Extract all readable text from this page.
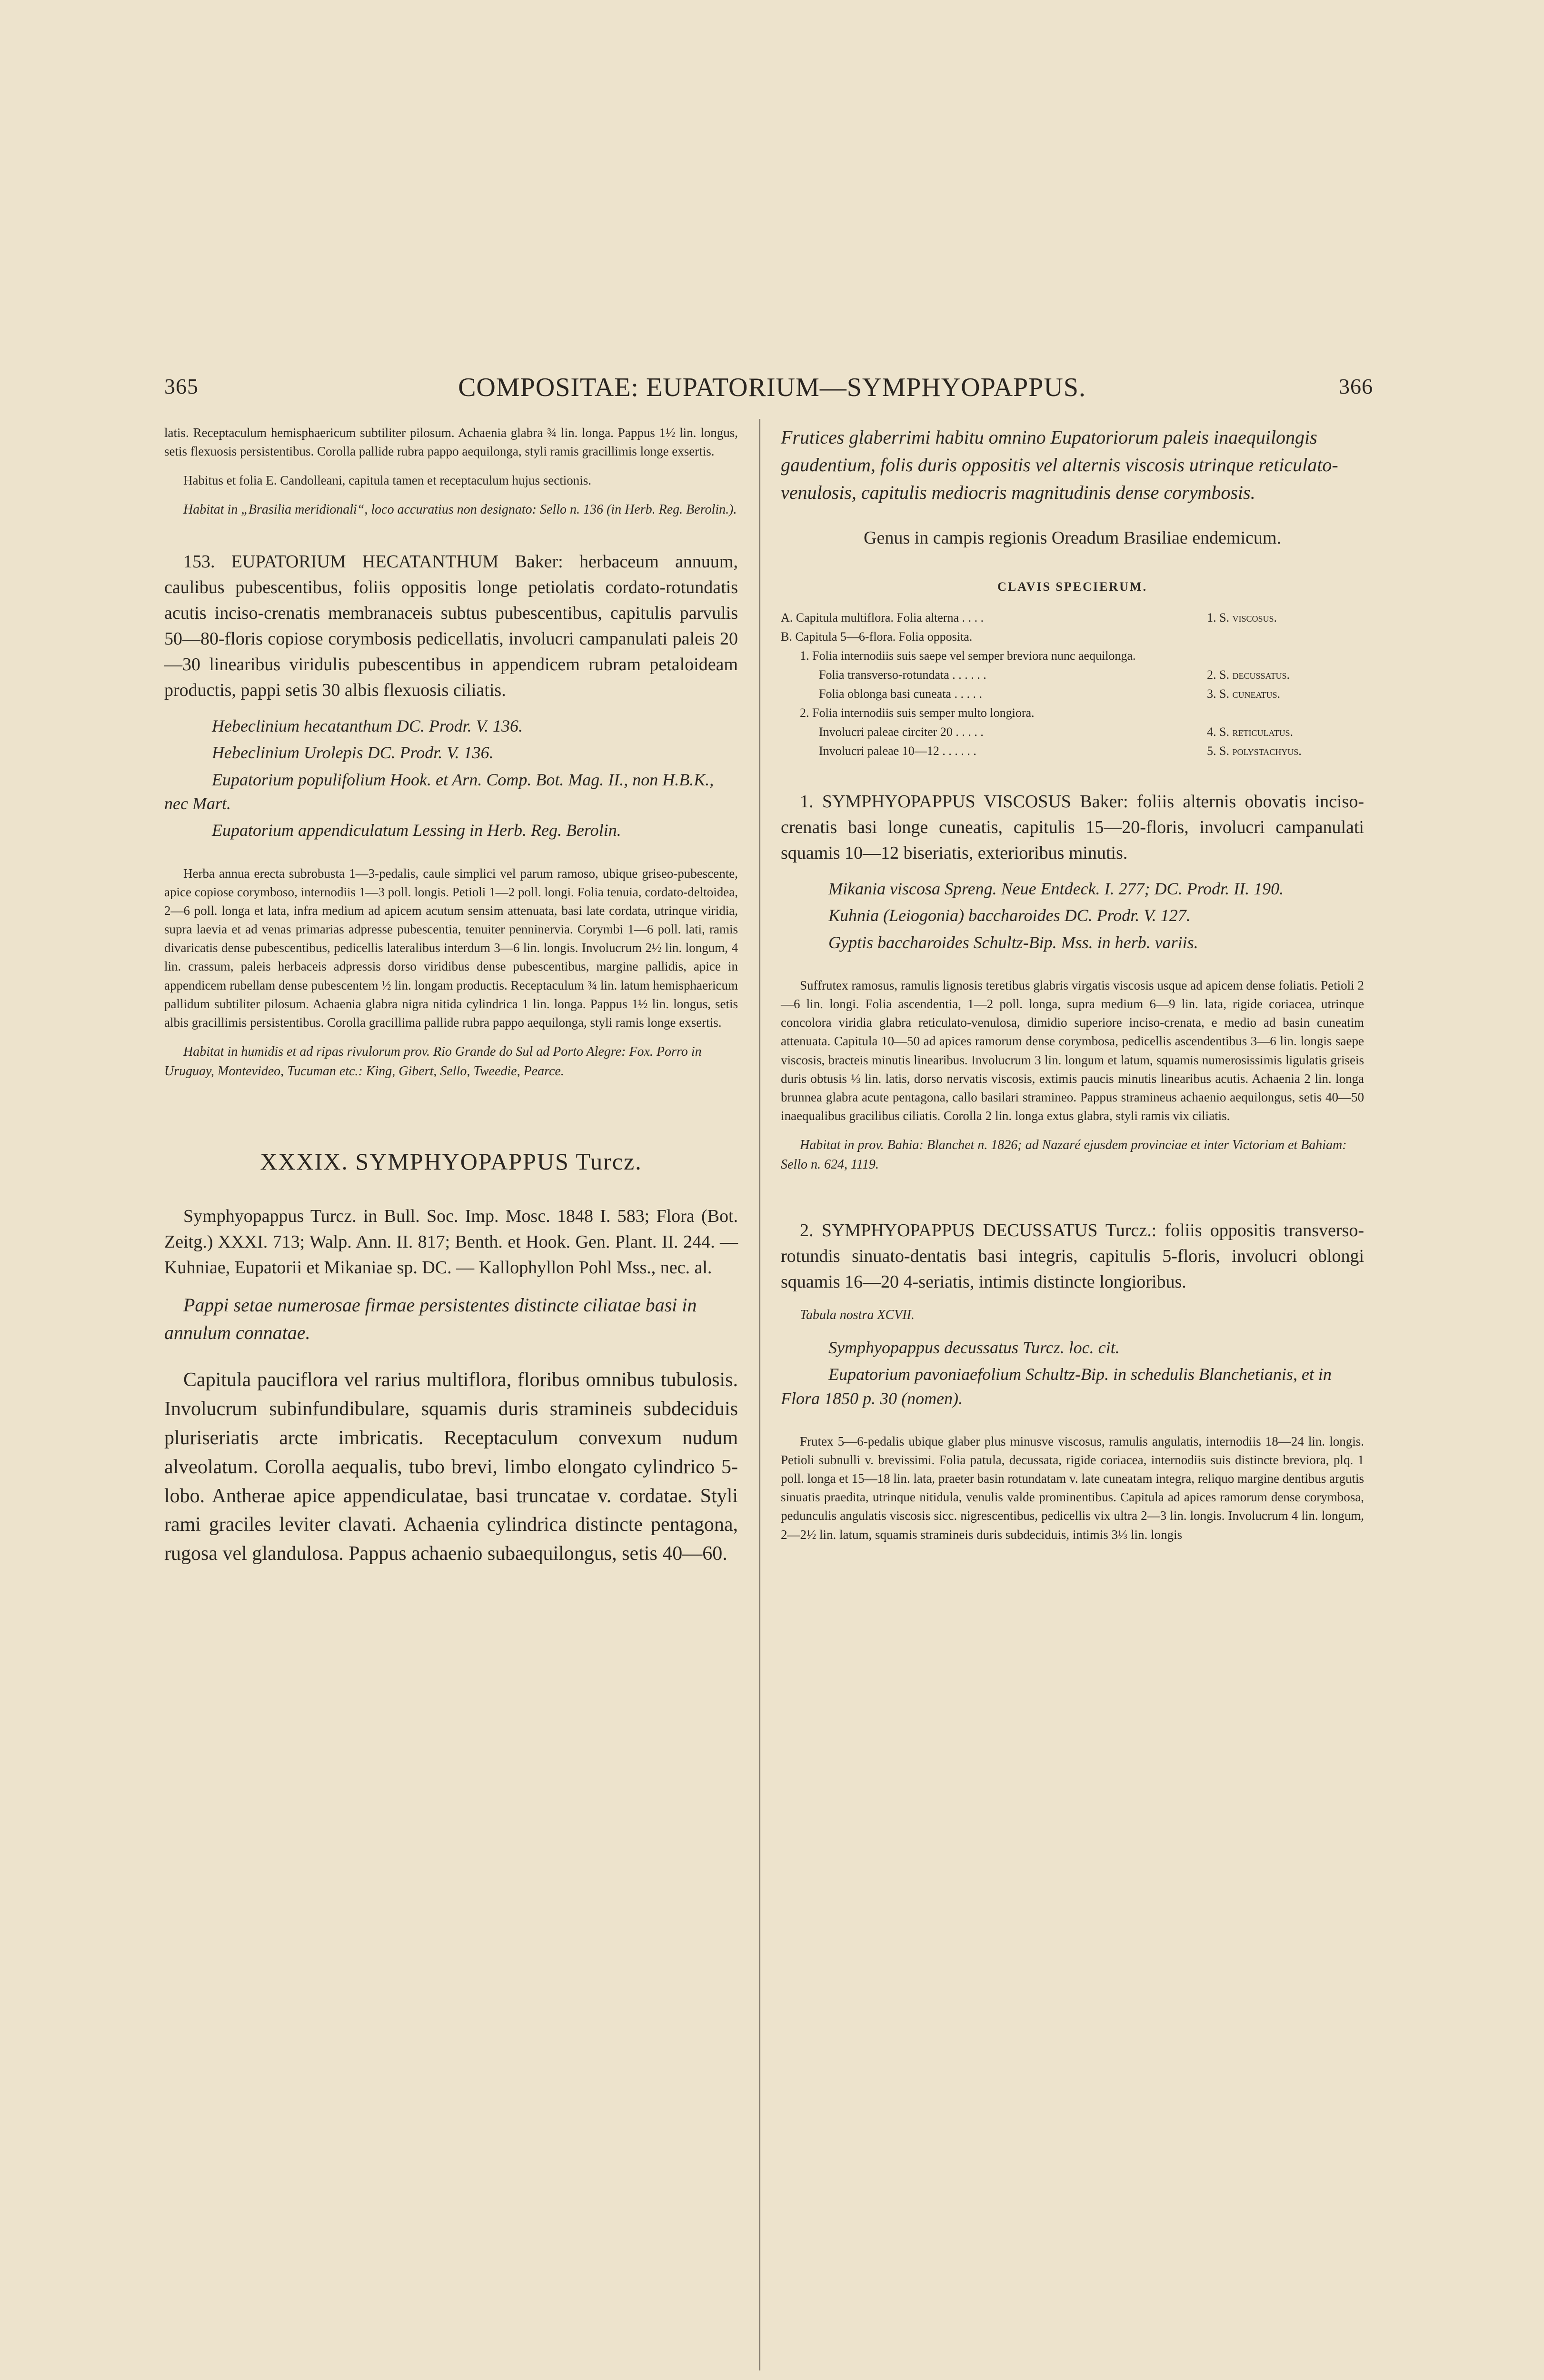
365	COMPOSITAE: EUPATORIUM—SYMPHYOPAPPUS.	366

latis. Receptaculum hemisphaericum subtiliter pilosum. Achaenia glabra ¾ lin. longa. Pappus 1½ lin. longus, setis flexuosis persistentibus. Corolla pallide rubra pappo aequilonga, styli ramis gracillimis longe exsertis.

Habitus et folia E. Candolleani, capitula tamen et receptaculum hujus sectionis.

Habitat in „Brasilia meridionali“, loco accuratius non designato: Sello n. 136 (in Herb. Reg. Berolin.).

153. EUPATORIUM HECATANTHUM Baker: herbaceum annuum, caulibus pubescentibus, foliis oppositis longe petiolatis cordato-rotundatis acutis inciso-crenatis membranaceis subtus pubescentibus, capitulis parvulis 50—80-floris copiose corymbosis pedicellatis, involucri campanulati paleis 20—30 linearibus viridulis pubescentibus in appendicem rubram petaloideam productis, pappi setis 30 albis flexuosis ciliatis.

Hebeclinium hecatanthum DC. Prodr. V. 136.

Hebeclinium Urolepis DC. Prodr. V. 136.

Eupatorium populifolium Hook. et Arn. Comp. Bot. Mag. II., non H.B.K., nec Mart.

Eupatorium appendiculatum Lessing in Herb. Reg. Berolin.

Herba annua erecta subrobusta 1—3-pedalis, caule simplici vel parum ramoso, ubique griseo-pubescente, apice copiose corymboso, internodiis 1—3 poll. longis. Petioli 1—2 poll. longi. Folia tenuia, cordato-deltoidea, 2—6 poll. longa et lata, infra medium ad apicem acutum sensim attenuata, basi late cordata, utrinque viridia, supra laevia et ad venas primarias adpresse pubescentia, tenuiter penninervia. Corymbi 1—6 poll. lati, ramis divaricatis dense pubescentibus, pedicellis lateralibus interdum 3—6 lin. longis. Involucrum 2½ lin. longum, 4 lin. crassum, paleis herbaceis adpressis dorso viridibus dense pubescentibus, margine pallidis, apice in appendicem rubellam dense pubescentem ½ lin. longam productis. Receptaculum ¾ lin. latum hemisphaericum pallidum subtiliter pilosum. Achaenia glabra nigra nitida cylindrica 1 lin. longa. Pappus 1½ lin. longus, setis albis gracillimis persistentibus. Corolla gracillima pallide rubra pappo aequilonga, styli ramis longe exsertis.

Habitat in humidis et ad ripas rivulorum prov. Rio Grande do Sul ad Porto Alegre: Fox. Porro in Uruguay, Montevideo, Tucuman etc.: King, Gibert, Sello, Tweedie, Pearce.

XXXIX. SYMPHYOPAPPUS Turcz.

Symphyopappus Turcz. in Bull. Soc. Imp. Mosc. 1848 I. 583; Flora (Bot. Zeitg.) XXXI. 713; Walp. Ann. II. 817; Benth. et Hook. Gen. Plant. II. 244. — Kuhniae, Eupatorii et Mikaniae sp. DC. — Kallophyllon Pohl Mss., nec. al.

Pappi setae numerosae firmae persistentes distincte ciliatae basi in annulum connatae.

Capitula pauciflora vel rarius multiflora, floribus omnibus tubulosis. Involucrum subinfundibulare, squamis duris stramineis subdeciduis pluriseriatis arcte imbricatis. Receptaculum convexum nudum alveolatum. Corolla aequalis, tubo brevi, limbo elongato cylindrico 5-lobo. Antherae apice appendiculatae, basi truncatae v. cordatae. Styli rami graciles leviter clavati. Achaenia cylindrica distincte pentagona, rugosa vel glandulosa. Pappus achaenio subaequilongus, setis 40—60.

Frutices glaberrimi habitu omnino Eupatoriorum paleis inaequilongis gaudentium, folis duris oppositis vel alternis viscosis utrinque reticulato-venulosis, capitulis mediocris magnitudinis dense corymbosis.

Genus in campis regionis Oreadum Brasiliae endemicum.

CLAVIS SPECIERUM.
A. Capitula multiflora. Folia alterna . . . .	1. S. viscosus.
B. Capitula 5—6-flora. Folia opposita.
1. Folia internodiis suis saepe vel semper breviora nunc aequilonga.
Folia transverso-rotundata . . . . . .	2. S. decussatus.
Folia oblonga basi cuneata . . . . .	3. S. cuneatus.
2. Folia internodiis suis semper multo longiora.
Involucri paleae circiter 20 . . . . .	4. S. reticulatus.
Involucri paleae 10—12 . . . . . .	5. S. polystachyus.

1. SYMPHYOPAPPUS VISCOSUS Baker: foliis alternis obovatis inciso-crenatis basi longe cuneatis, capitulis 15—20-floris, involucri campanulati squamis 10—12 biseriatis, exterioribus minutis.

Mikania viscosa Spreng. Neue Entdeck. I. 277; DC. Prodr. II. 190.

Kuhnia (Leiogonia) baccharoides DC. Prodr. V. 127.

Gyptis baccharoides Schultz-Bip. Mss. in herb. variis.

Suffrutex ramosus, ramulis lignosis teretibus glabris virgatis viscosis usque ad apicem dense foliatis. Petioli 2—6 lin. longi. Folia ascendentia, 1—2 poll. longa, supra medium 6—9 lin. lata, rigide coriacea, utrinque concolora viridia glabra reticulato-venulosa, dimidio superiore inciso-crenata, e medio ad basin cuneatim attenuata. Capitula 10—50 ad apices ramorum dense corymbosa, pedicellis ascendentibus 3—6 lin. longis saepe viscosis, bracteis minutis linearibus. Involucrum 3 lin. longum et latum, squamis numerosissimis ligulatis griseis duris obtusis ⅓ lin. latis, dorso nervatis viscosis, extimis paucis minutis linearibus acutis. Achaenia 2 lin. longa brunnea glabra acute pentagona, callo basilari stramineo. Pappus stramineus achaenio aequilongus, setis 40—50 inaequalibus gracilibus ciliatis. Corolla 2 lin. longa extus glabra, styli ramis vix ciliatis.

Habitat in prov. Bahia: Blanchet n. 1826; ad Nazaré ejusdem provinciae et inter Victoriam et Bahiam: Sello n. 624, 1119.

2. SYMPHYOPAPPUS DECUSSATUS Turcz.: foliis oppositis transverso-rotundis sinuato-dentatis basi integris, capitulis 5-floris, involucri oblongi squamis 16—20 4-seriatis, intimis distincte longioribus.

Tabula nostra XCVII.

Symphyopappus decussatus Turcz. loc. cit.

Eupatorium pavoniaefolium Schultz-Bip. in schedulis Blanchetianis, et in Flora 1850 p. 30 (nomen).

Frutex 5—6-pedalis ubique glaber plus minusve viscosus, ramulis angulatis, internodiis 18—24 lin. longis. Petioli subnulli v. brevissimi. Folia patula, decussata, rigide coriacea, internodiis suis distincte breviora, plq. 1 poll. longa et 15—18 lin. lata, praeter basin rotundatam v. late cuneatam integra, reliquo margine dentibus argutis sinuatis praedita, utrinque nitidula, venulis valde prominentibus. Capitula ad apices ramorum dense corymbosa, pedunculis angulatis viscosis sicc. nigrescentibus, pedicellis vix ultra 2—3 lin. longis. Involucrum 4 lin. longum, 2—2½ lin. latum, squamis stramineis duris subdeciduis, intimis 3⅓ lin. longis
